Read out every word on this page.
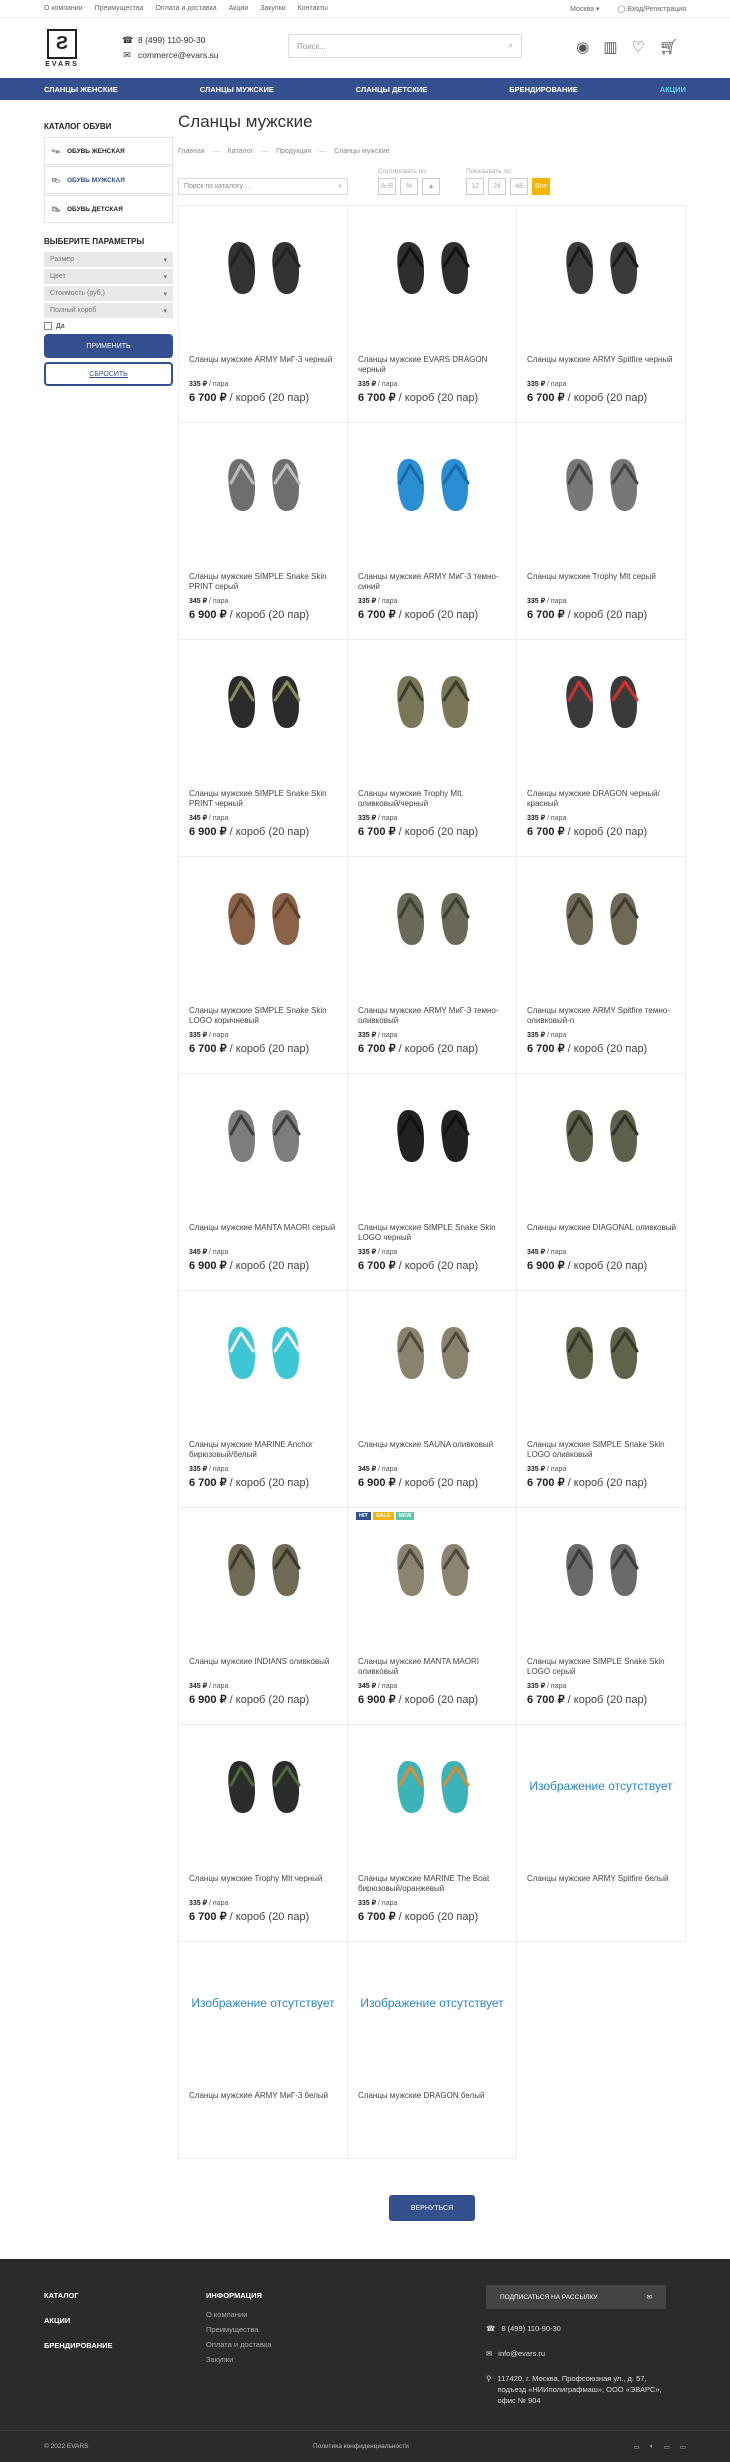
О компании Преимущества Оплата и доставка Акции Закупки Контакты	Москва ▾	◯ Вход/Регистрация
Ƨ
EVARS
☎ 8 (499) 110-90-30
✉ commerce@evars.su
Поиск...	⌕	◉ ▥ ♡ 🛒︎
СЛАНЦЫ ЖЕНСКИЕ	СЛАНЦЫ МУЖСКИЕ	СЛАНЦЫ ДЕТСКИЕ	БРЕНДИРОВАНИЕ	АКЦИИ
КАТАЛОГ ОБУВИ
👡︎ ОБУВЬ ЖЕНСКАЯ
👞︎ ОБУВЬ МУЖСКАЯ
👟︎ ОБУВЬ ДЕТСКАЯ
ВЫБЕРИТЕ ПАРАМЕТРЫ
Размер	▾
Цвет	▾
Стоимость (руб.)	▾
Полный короб	▾
Да
ПРИМЕНИТЬ
СБРОСИТЬ
Сланцы мужские
Главная — Каталог — Продукция — Сланцы мужские
Поиск по каталогу ...	⌕
Сортировать по:
А-Я	%	★
Показывать по:
12	24	48	Все
Сланцы мужские ARMY МиГ-3 черный
335 ₽ / пара
6 700 ₽ / короб (20 пар)
Сланцы мужские EVARS DRAGON черный
335 ₽ / пара
6 700 ₽ / короб (20 пар)
Сланцы мужские ARMY Spitfire черный
335 ₽ / пара
6 700 ₽ / короб (20 пар)
Сланцы мужские SIMPLE Snake Skin PRINT серый
345 ₽ / пара
6 900 ₽ / короб (20 пар)
Сланцы мужские ARMY МиГ-3 темно-синий
335 ₽ / пара
6 700 ₽ / короб (20 пар)
Сланцы мужские Trophy MIt серый
335 ₽ / пара
6 700 ₽ / короб (20 пар)
Сланцы мужские SIMPLE Snake Skin PRINT черный
345 ₽ / пара
6 900 ₽ / короб (20 пар)
Сланцы мужские Trophy MIt. оливковый/черный
335 ₽ / пара
6 700 ₽ / короб (20 пар)
Сланцы мужские DRAGON черный/красный
335 ₽ / пара
6 700 ₽ / короб (20 пар)
Сланцы мужские SIMPLE Snake Skin LOGO коричневый
335 ₽ / пара
6 700 ₽ / короб (20 пар)
Сланцы мужские ARMY МиГ-3 темно-оливковый
335 ₽ / пара
6 700 ₽ / короб (20 пар)
Сланцы мужские ARMY Spitfire темно-оливковый-n
335 ₽ / пара
6 700 ₽ / короб (20 пар)
Сланцы мужские MANTA MAORI серый
345 ₽ / пара
6 900 ₽ / короб (20 пар)
Сланцы мужские SIMPLE Snake Skin LOGO черный
335 ₽ / пара
6 700 ₽ / короб (20 пар)
Сланцы мужские DIAGONAL оливковый
345 ₽ / пара
6 900 ₽ / короб (20 пар)
Сланцы мужские MARINE Anchor бирюзовый/белый
335 ₽ / пара
6 700 ₽ / короб (20 пар)
Сланцы мужские SAUNA оливковый
345 ₽ / пара
6 900 ₽ / короб (20 пар)
Сланцы мужские SIMPLE Snake Skin LOGO оливковый
335 ₽ / пара
6 700 ₽ / короб (20 пар)
Сланцы мужские INDIANS оливковый
345 ₽ / пара
6 900 ₽ / короб (20 пар)
HIT	SALE	NEW
Сланцы мужские MANTA MAORI оливковый
345 ₽ / пара
6 900 ₽ / короб (20 пар)
Сланцы мужские SIMPLE Snake Skin LOGO серый
335 ₽ / пара
6 700 ₽ / короб (20 пар)
Сланцы мужские Trophy MIt черный
335 ₽ / пара
6 700 ₽ / короб (20 пар)
Сланцы мужские MARINE The Boat бирюзовый/оранжевый
335 ₽ / пара
6 700 ₽ / короб (20 пар)
Изображение отсутствует
Сланцы мужские ARMY Spitfire белый
Изображение отсутствует
Сланцы мужские ARMY МиГ-3 белый
Изображение отсутствует
Сланцы мужские DRAGON белый
ВЕРНУТЬСЯ
КАТАЛОГ
АКЦИИ
БРЕНДИРОВАНИЕ
ИНФОРМАЦИЯ
О компании
Преимущества
Оплата и доставка
Закупки
ПОДПИСАТЬСЯ НА РАССЫЛКУ	✉
☎ 8 (499) 110-90-30
✉ info@evars.ru
⚲ 117420, г. Москва, Профсоюзная ул., д. 57, подъезд «НИИполиграфмаш», ООО «ЭВАРС», офис № 904
© 2022 EVARS	Политика конфиденциальности	▭ ◐ ▭ ▭
